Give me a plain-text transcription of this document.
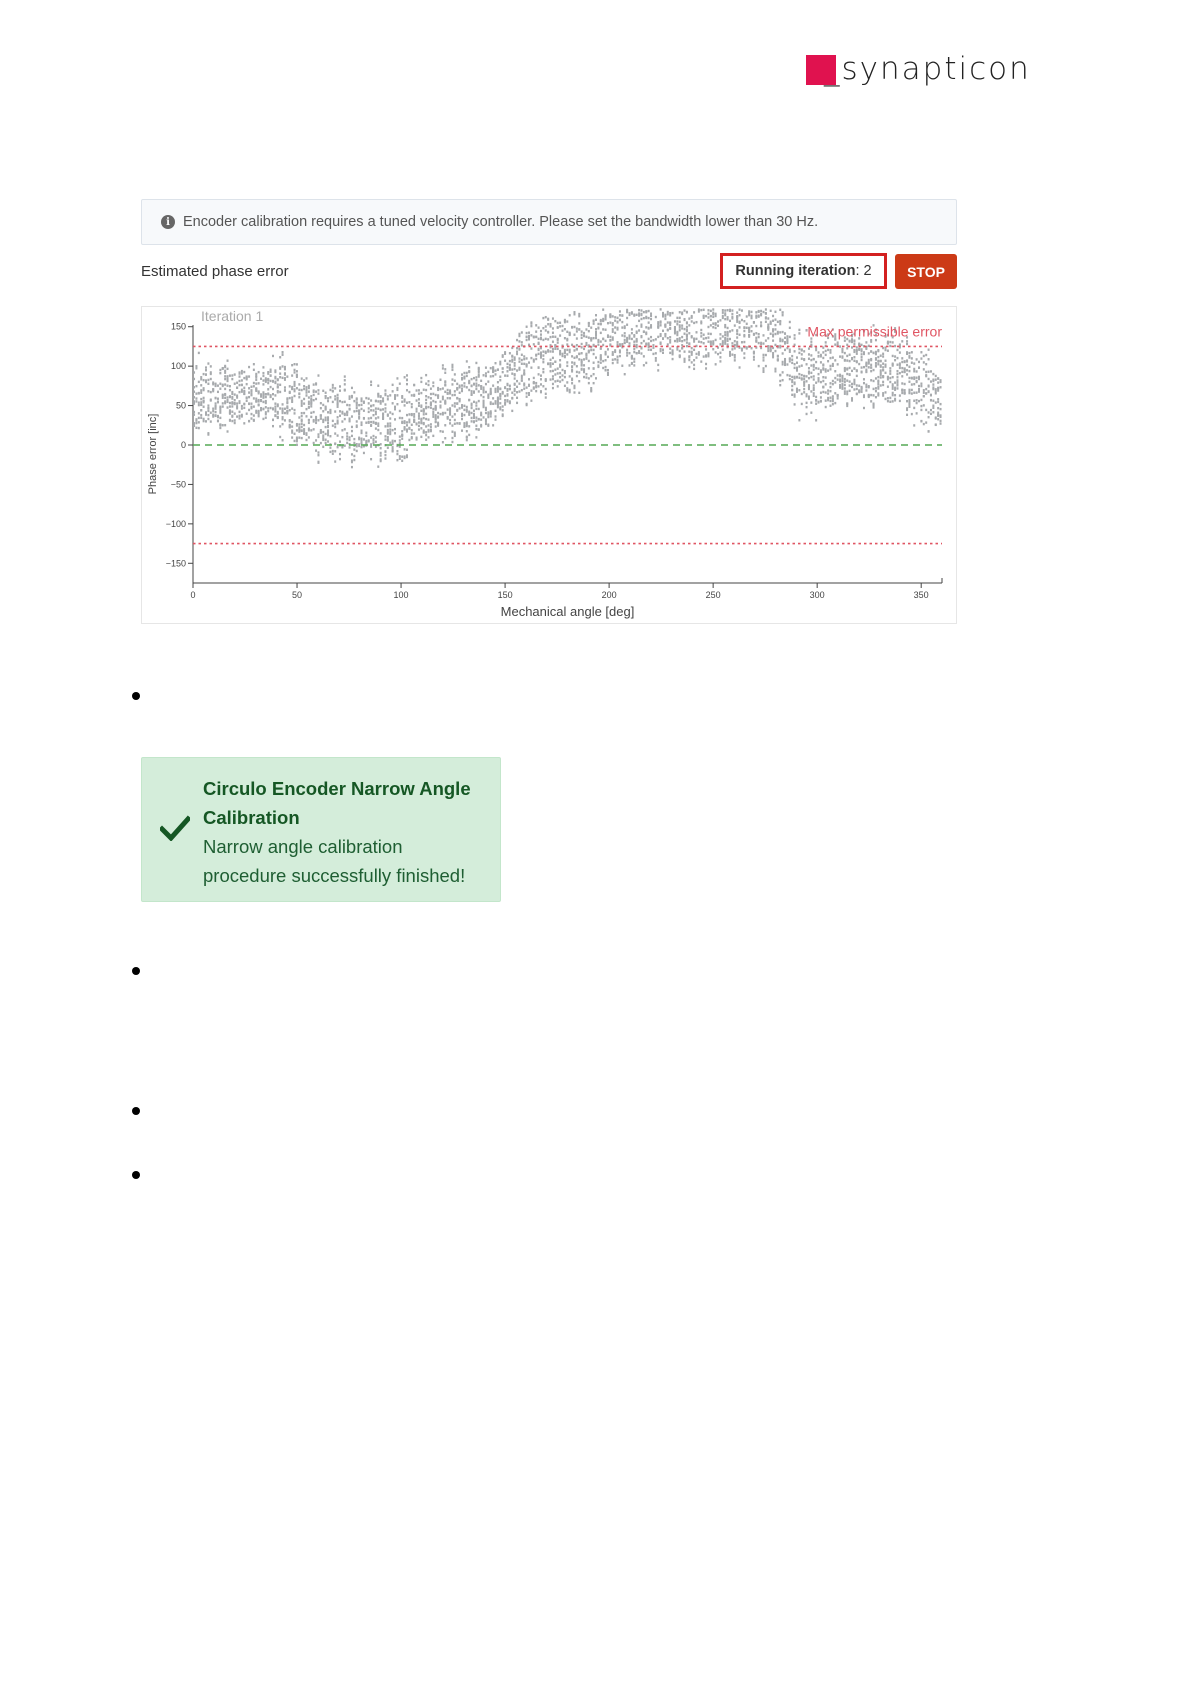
_synapticon
i Encoder calibration requires a tuned velocity controller. Please set the bandwidth lower than 30 Hz.
Estimated phase error	Running iteration :
2	STOP
150
100
50
0
−50
−100
−150
0	50	100	150	200	250	300	350
Max permissible error
Iteration 1
Mechanical angle [deg]
Phase error [inc]
Circulo Encoder Narrow Angle Calibration
Narrow angle calibration procedure successfully finished!
